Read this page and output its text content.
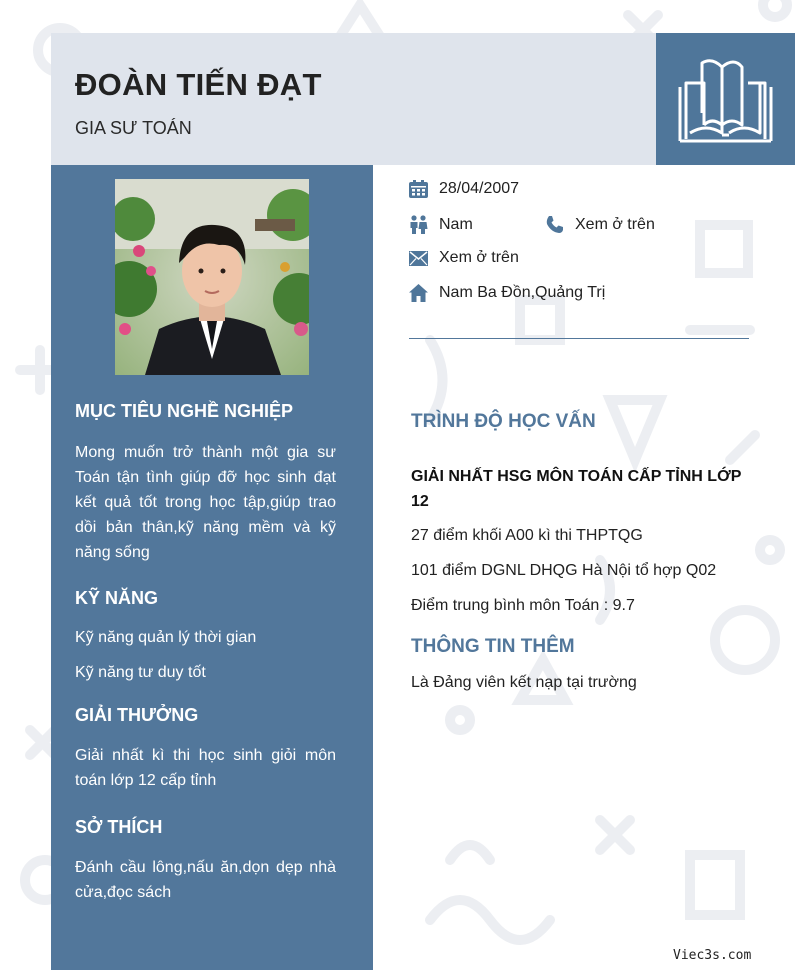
ĐOÀN TIẾN ĐẠT
GIA SƯ TOÁN
MỤC TIÊU NGHỀ NGHIỆP

Mong muốn trở thành một gia sư Toán tận tình giúp đỡ học sinh đạt kết quả tốt trong học tập,giúp trao dồi bản thân,kỹ năng mềm và kỹ năng sống

KỸ NĂNG
Kỹ năng quản lý thời gian
Kỹ năng tư duy tốt
GIẢI THƯỞNG

Giải nhất kì thi học sinh giỏi môn toán lớp 12 cấp tỉnh

SỞ THÍCH

Đánh cầu lông,nấu ăn,dọn dẹp nhà cửa,đọc sách

28/04/2007
Nam	Xem ở trên
Xem ở trên
Nam Ba Đồn,Quảng Trị
TRÌNH ĐỘ HỌC VẤN

GIẢI NHẤT HSG MÔN TOÁN CẤP TỈNH LỚP 12

27 điểm khối A00 kì thi THPTQG
101 điểm DGNL DHQG Hà Nội tổ hợp Q02
Điểm trung bình môn Toán : 9.7
THÔNG TIN THÊM
Là Đảng viên kết nạp tại trường
Viec3s.com
